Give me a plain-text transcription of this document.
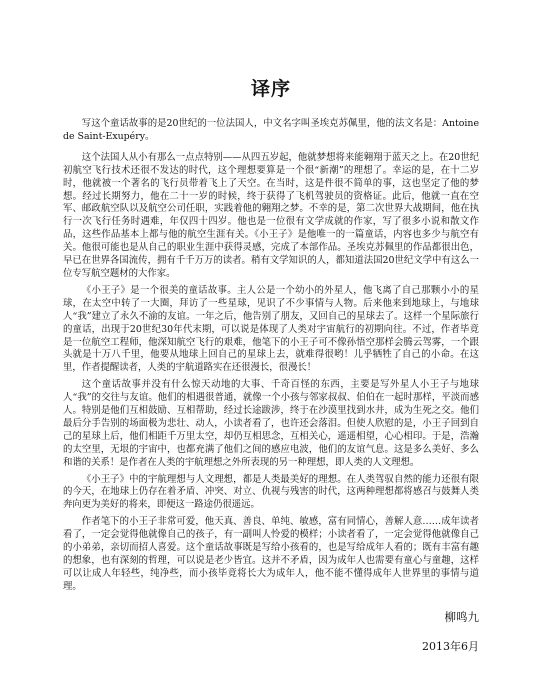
译序

写这个童话故事的是20世纪的一位法国人，中文名字叫圣埃克苏佩里，他的法文名是：Antoine de Saint-Exupéry。

这个法国人从小有那么一点点特别——从四五岁起，他就梦想将来能翱翔于蓝天之上。在20世纪初航空飞行技术还很不发达的时代，这个理想要算是一个很“新潮”的理想了。幸运的是，在十二岁时，他就被一个著名的飞行员带着飞上了天空。在当时，这是件很不简单的事，这也坚定了他的梦想。经过长期努力，他在二十一岁的时候，终于获得了飞机驾驶员的资格证。此后，他就一直在空军、邮政航空队以及航空公司任职，实践着他的翱翔之梦。不幸的是，第二次世界大战期间，他在执行一次飞行任务时遇难，年仅四十四岁。他也是一位很有文学成就的作家，写了很多小说和散文作品，这些作品基本上都与他的航空生涯有关。《小王子》是他唯一的一篇童话，内容也多少与航空有关。他很可能也是从自己的职业生涯中获得灵感，完成了本部作品。圣埃克苏佩里的作品都很出色，早已在世界各国流传，拥有千千万万的读者。稍有文学知识的人，都知道法国20世纪文学中有这么一位专写航空题材的大作家。

《小王子》是一个很美的童话故事。主人公是一个幼小的外星人，他飞离了自己那颗小小的星球，在太空中转了一大圈，拜访了一些星球，见识了不少事情与人物。后来他来到地球上，与地球人“我”建立了永久不渝的友谊。一年之后，他告别了朋友，又回自己的星球去了。这样一个星际旅行的童话，出现于20世纪30年代末期，可以说是体现了人类对宇宙航行的初期向往。不过，作者毕竟是一位航空工程师，他深知航空飞行的艰难，他笔下的小王子可不像孙悟空那样会腾云驾雾，一个跟头就是十万八千里，他要从地球上回自己的星球上去，就难得很哟！儿乎牺牲了自己的小命。在这里，作者提醒读者，人类的宇航道路实在还很漫长，很漫长！

这个童话故事并没有什么惊天动地的大事、千奇百怪的东西，主要是写外星人小王子与地球人“我”的交往与友谊。他们的相遇很普通，就像一个小孩与邻家叔叔、伯伯在一起时那样，平淡而感人。特别是他们互相鼓励、互相帮助，经过长途跋涉，终于在沙漠里找到水井，成为生死之交。他们最后分手告别的场面极为悲壮、动人，小读者看了，也许还会落泪。但使人欣慰的是，小王子回到自己的星球上后，他们相距千万里太空，却仍互相思念，互相关心，遥遥相望，心心相印。于是，浩瀚的太空里，无垠的宇宙中，也都充满了他们之间的感应电波，他们的友谊气息。这是多么美好、多么和谐的关系！是作者在人类的宇航理想之外所表现的另一种理想，即人类的人文理想。

《小王子》中的宇航理想与人文理想，都是人类最美好的理想。在人类驾驭自然的能力还很有限的今天，在地球上仍存在着矛盾、冲突、对立、仇视与残害的时代，这两种理想都将感召与鼓舞人类奔向更为美好的将来，即便这一路途仍很遥远。

作者笔下的小王子非常可爱，他天真、善良、单纯、敏感，富有同情心，善解人意……成年读者看了，一定会觉得他就像自己的孩子，有一副叫人怜爱的模样；小读者看了，一定会觉得他就像自己的小弟弟，亲切而招人喜爱。这个童话故事既是写给小孩看的，也是写给成年人看的；既有丰富有趣的想象，也有深刻的哲理，可以说是老少皆宜。这并不矛盾，因为成年人也需要有童心与童趣，这样可以让成人年轻些，纯净些，而小孩毕竟将长大为成年人，他不能不懂得成年人世界里的事情与道理。

柳鸣九

2013年6月
